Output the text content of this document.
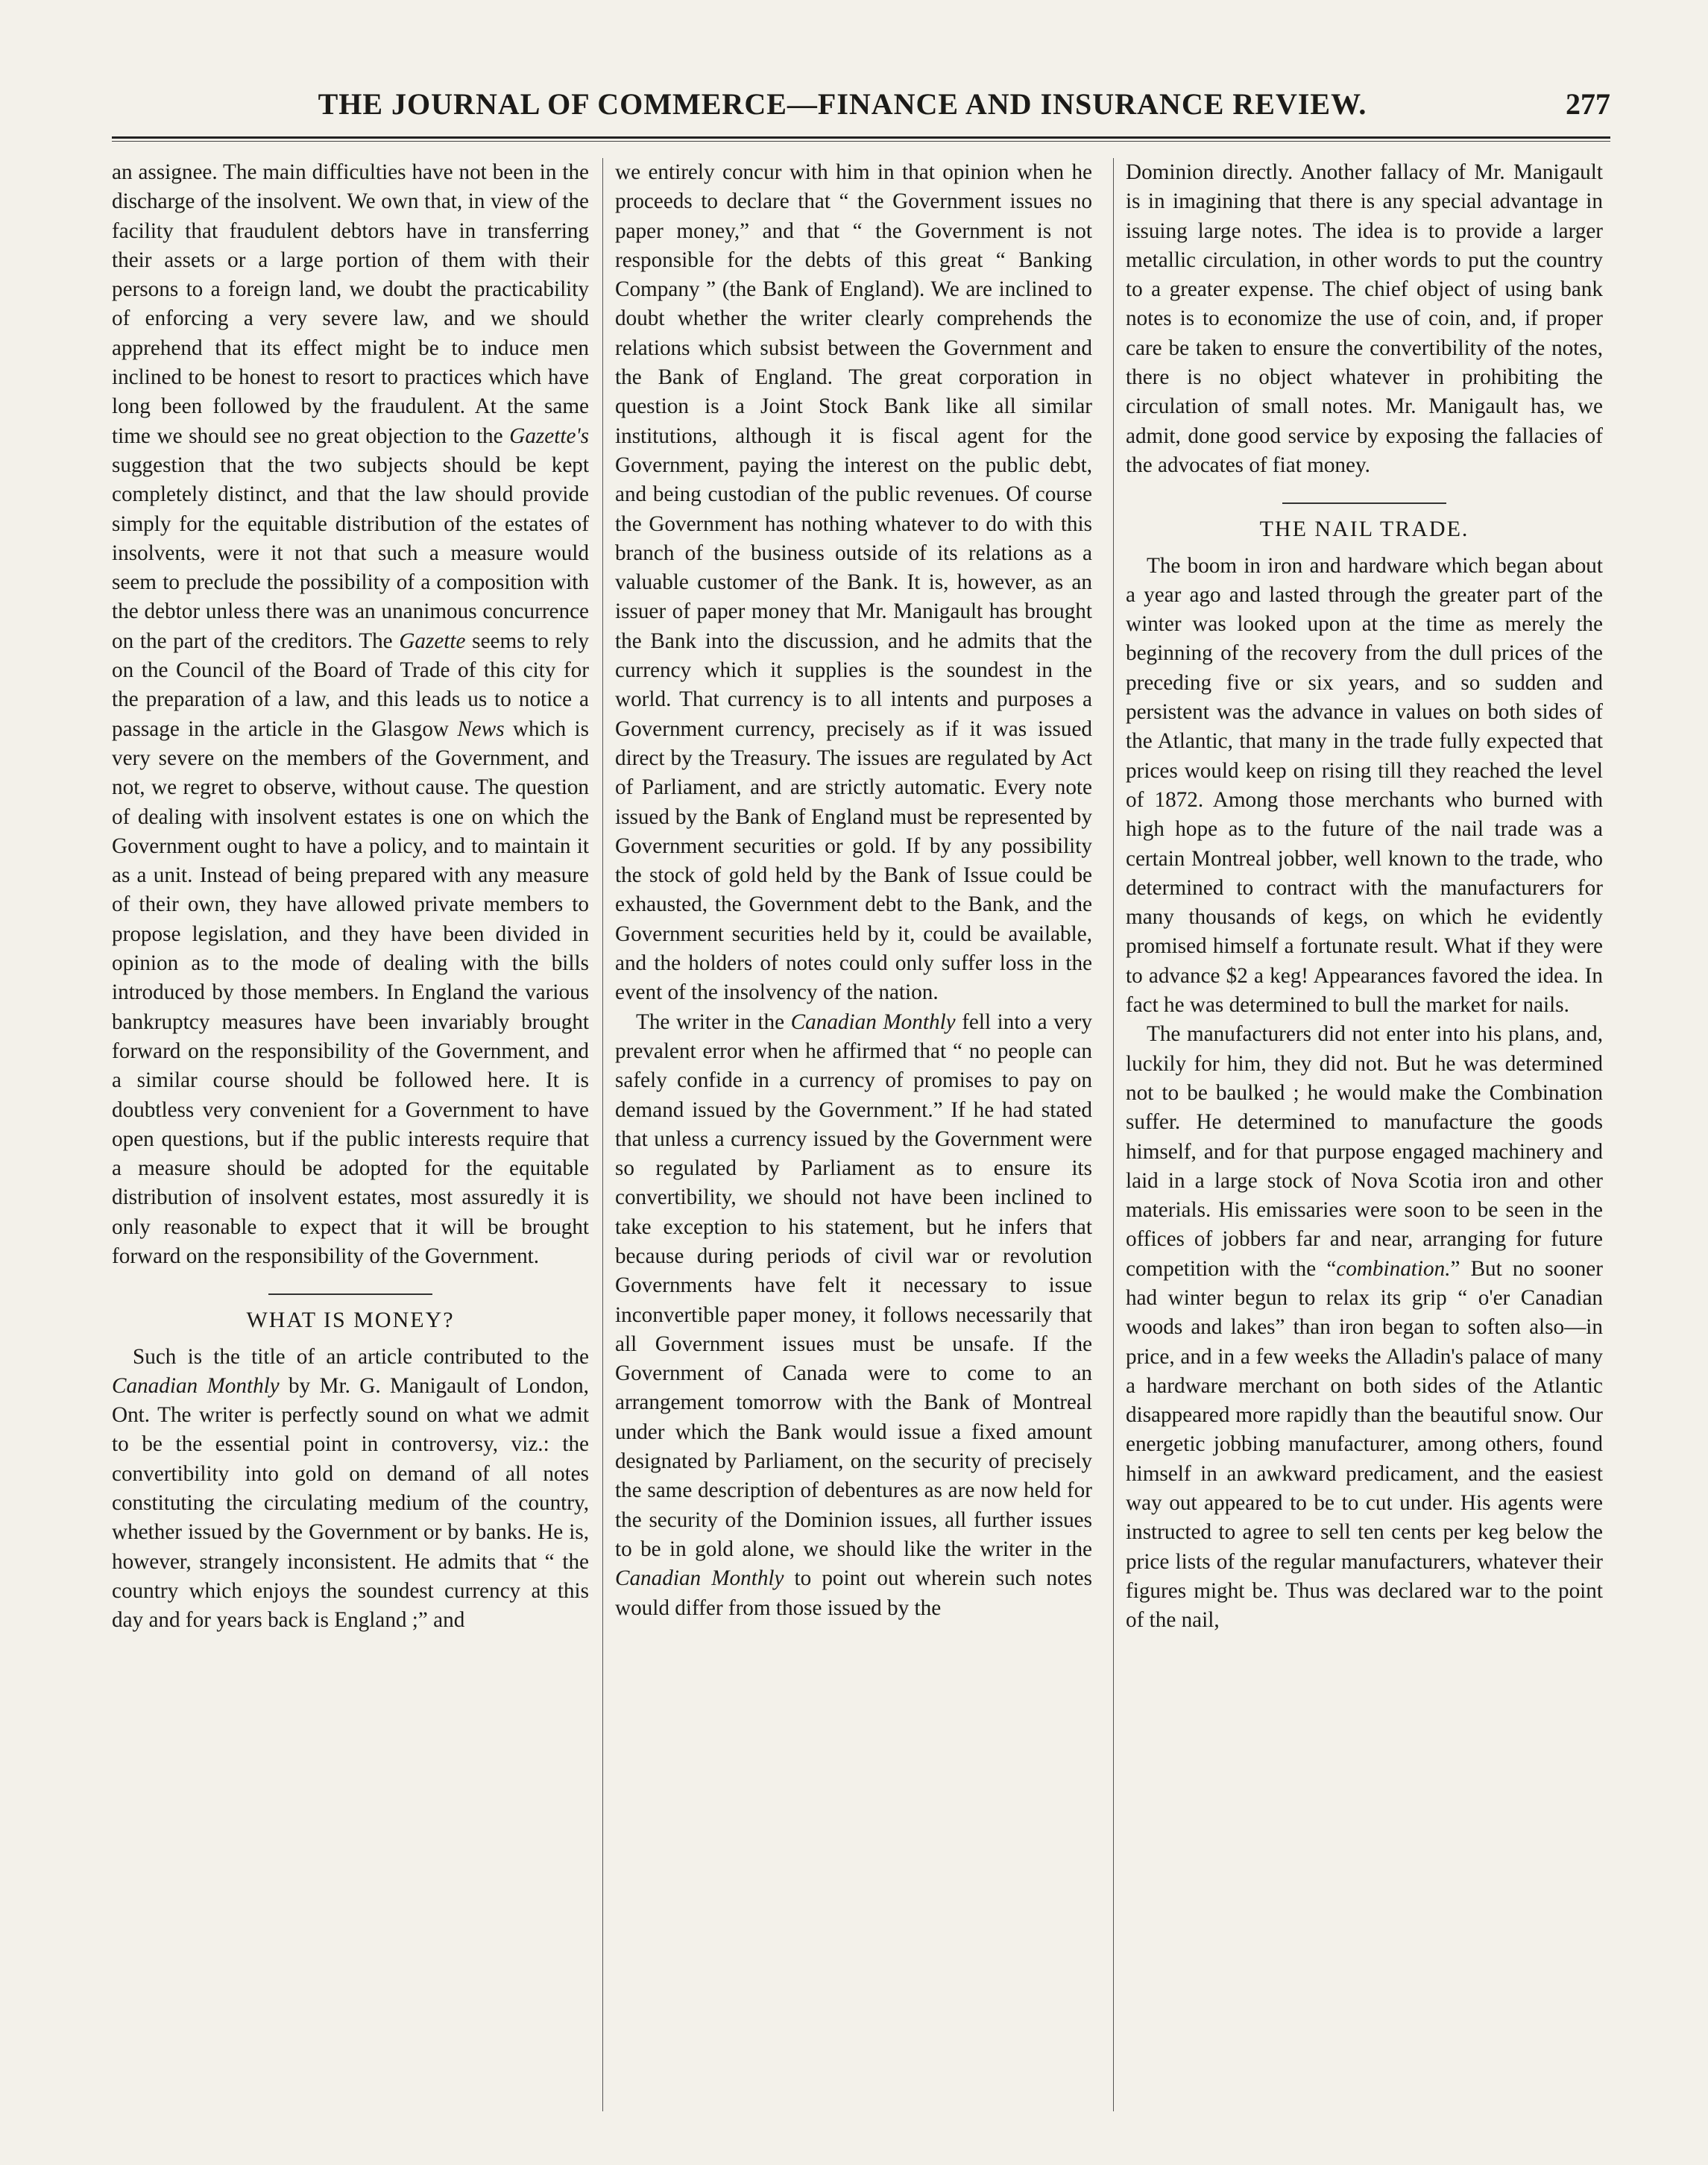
THE JOURNAL OF COMMERCE—FINANCE AND INSURANCE REVIEW.	277

an assignee. The main difficulties have not been in the discharge of the insolvent. We own that, in view of the facility that fraudulent debtors have in transferring their assets or a large portion of them with their persons to a foreign land, we doubt the practicability of enforcing a very severe law, and we should apprehend that its effect might be to induce men inclined to be honest to resort to practices which have long been followed by the fraudulent. At the same time we should see no great objection to the Gazette's suggestion that the two subjects should be kept completely distinct, and that the law should provide simply for the equitable distribution of the estates of insolvents, were it not that such a measure would seem to preclude the possibility of a composition with the debtor unless there was an unanimous concurrence on the part of the creditors. The Gazette seems to rely on the Council of the Board of Trade of this city for the preparation of a law, and this leads us to notice a passage in the article in the Glasgow News which is very severe on the members of the Government, and not, we regret to observe, without cause. The question of dealing with insolvent estates is one on which the Government ought to have a policy, and to maintain it as a unit. Instead of being prepared with any measure of their own, they have allowed private members to propose legislation, and they have been divided in opinion as to the mode of dealing with the bills introduced by those members. In England the various bankruptcy measures have been invariably brought forward on the responsibility of the Government, and a similar course should be followed here. It is doubtless very convenient for a Government to have open questions, but if the public interests require that a measure should be adopted for the equitable distribution of insolvent estates, most assuredly it is only reasonable to expect that it will be brought forward on the responsibility of the Government.

WHAT IS MONEY?

Such is the title of an article contributed to the Canadian Monthly by Mr. G. Manigault of London, Ont. The writer is perfectly sound on what we admit to be the essential point in controversy, viz.: the convertibility into gold on demand of all notes constituting the circulating medium of the country, whether issued by the Government or by banks. He is, however, strangely inconsistent. He admits that “ the country which enjoys the soundest currency at this day and for years back is England ;” and

we entirely concur with him in that opinion when he proceeds to declare that “ the Government issues no paper money,” and that “ the Government is not responsible for the debts of this great “ Banking Company ” (the Bank of England). We are inclined to doubt whether the writer clearly comprehends the relations which subsist between the Government and the Bank of England. The great corporation in question is a Joint Stock Bank like all similar institutions, although it is fiscal agent for the Government, paying the interest on the public debt, and being custodian of the public revenues. Of course the Government has nothing whatever to do with this branch of the business outside of its relations as a valuable customer of the Bank. It is, however, as an issuer of paper money that Mr. Manigault has brought the Bank into the discussion, and he admits that the currency which it supplies is the soundest in the world. That currency is to all intents and purposes a Government currency, precisely as if it was issued direct by the Treasury. The issues are regulated by Act of Parliament, and are strictly automatic. Every note issued by the Bank of England must be represented by Government securities or gold. If by any possibility the stock of gold held by the Bank of Issue could be exhausted, the Government debt to the Bank, and the Government securities held by it, could be available, and the holders of notes could only suffer loss in the event of the insolvency of the nation.

The writer in the Canadian Monthly fell into a very prevalent error when he affirmed that “ no people can safely confide in a currency of promises to pay on demand issued by the Government.” If he had stated that unless a currency issued by the Government were so regulated by Parliament as to ensure its convertibility, we should not have been inclined to take exception to his statement, but he infers that because during periods of civil war or revolution Governments have felt it necessary to issue inconvertible paper money, it follows necessarily that all Government issues must be unsafe. If the Government of Canada were to come to an arrangement tomorrow with the Bank of Montreal under which the Bank would issue a fixed amount designated by Parliament, on the security of precisely the same description of debentures as are now held for the security of the Dominion issues, all further issues to be in gold alone, we should like the writer in the Canadian Monthly to point out wherein such notes would differ from those issued by the

Dominion directly. Another fallacy of Mr. Manigault is in imagining that there is any special advantage in issuing large notes. The idea is to provide a larger metallic circulation, in other words to put the country to a greater expense. The chief object of using bank notes is to economize the use of coin, and, if proper care be taken to ensure the convertibility of the notes, there is no object whatever in prohibiting the circulation of small notes. Mr. Manigault has, we admit, done good service by exposing the fallacies of the advocates of fiat money.

THE NAIL TRADE.

The boom in iron and hardware which began about a year ago and lasted through the greater part of the winter was looked upon at the time as merely the beginning of the recovery from the dull prices of the preceding five or six years, and so sudden and persistent was the advance in values on both sides of the Atlantic, that many in the trade fully expected that prices would keep on rising till they reached the level of 1872. Among those merchants who burned with high hope as to the future of the nail trade was a certain Montreal jobber, well known to the trade, who determined to contract with the manufacturers for many thousands of kegs, on which he evidently promised himself a fortunate result. What if they were to advance $2 a keg! Appearances favored the idea. In fact he was determined to bull the market for nails.

The manufacturers did not enter into his plans, and, luckily for him, they did not. But he was determined not to be baulked ; he would make the Combination suffer. He determined to manufacture the goods himself, and for that purpose engaged machinery and laid in a large stock of Nova Scotia iron and other materials. His emissaries were soon to be seen in the offices of jobbers far and near, arranging for future competition with the “combination.” But no sooner had winter begun to relax its grip “ o'er Canadian woods and lakes” than iron began to soften also—in price, and in a few weeks the Alladin's palace of many a hardware merchant on both sides of the Atlantic disappeared more rapidly than the beautiful snow. Our energetic jobbing manufacturer, among others, found himself in an awkward predicament, and the easiest way out appeared to be to cut under. His agents were instructed to agree to sell ten cents per keg below the price lists of the regular manufacturers, whatever their figures might be. Thus was declared war to the point of the nail,
